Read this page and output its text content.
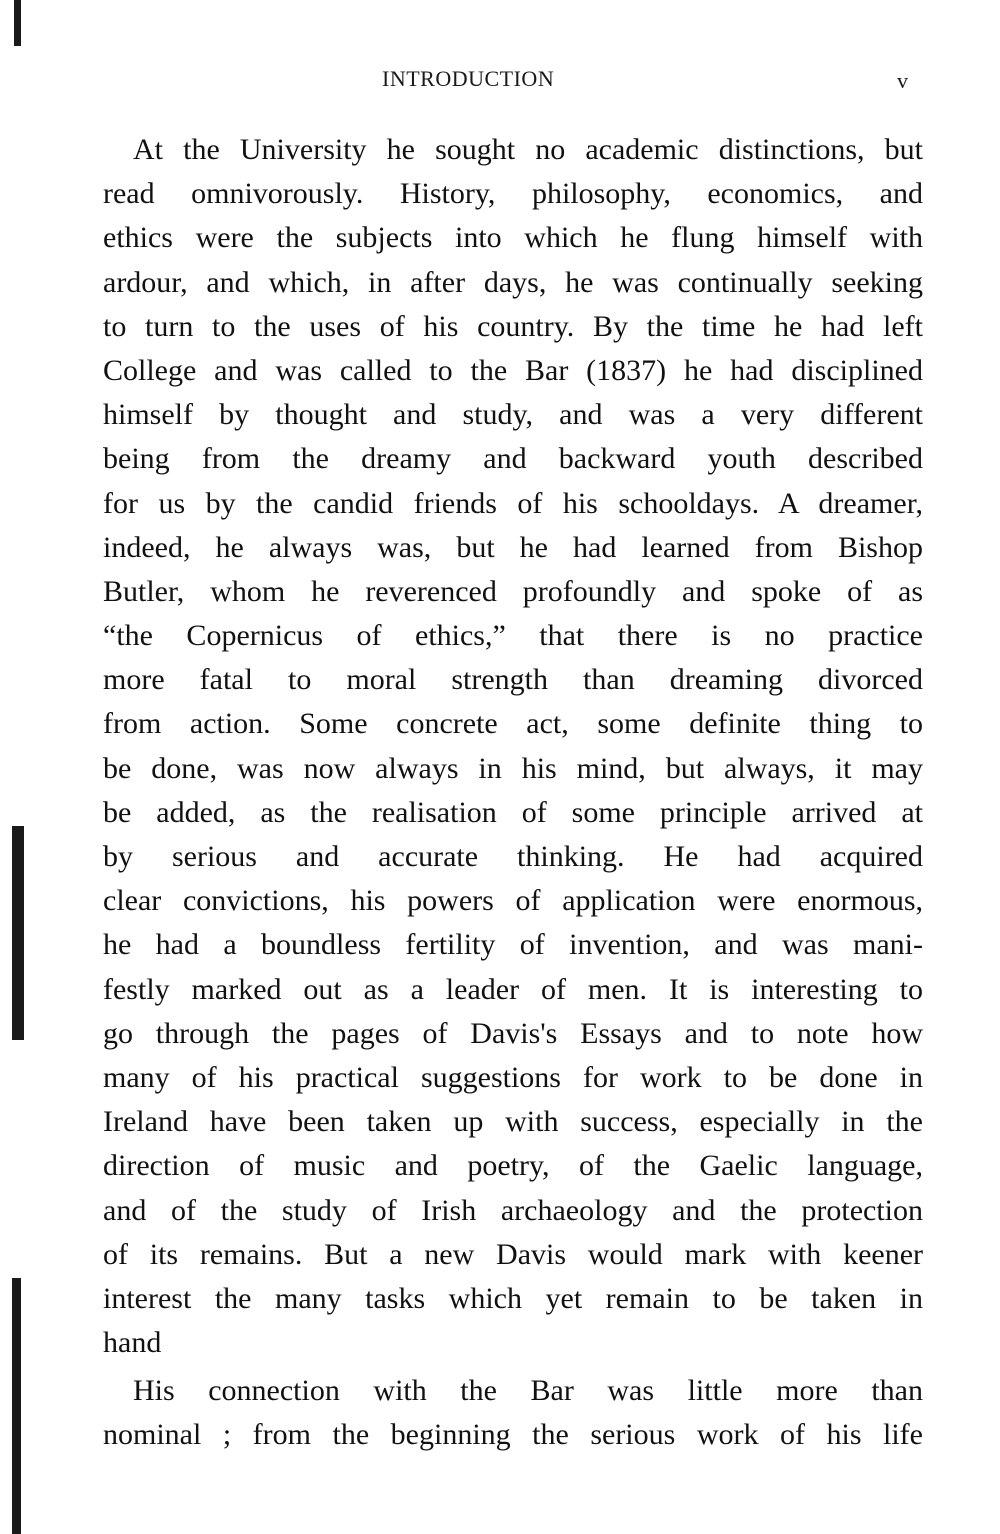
INTRODUCTION	v
At the University he sought no academic distinctions, but
read omnivorously. History, philosophy, economics, and
ethics were the subjects into which he flung himself with
ardour, and which, in after days, he was continually seeking
to turn to the uses of his country. By the time he had left
College and was called to the Bar (1837) he had disciplined
himself by thought and study, and was a very different
being from the dreamy and backward youth described
for us by the candid friends of his schooldays. A dreamer,
indeed, he always was, but he had learned from Bishop
Butler, whom he reverenced profoundly and spoke of as
“the Copernicus of ethics,” that there is no practice
more fatal to moral strength than dreaming divorced
from action. Some concrete act, some definite thing to
be done, was now always in his mind, but always, it may
be added, as the realisation of some principle arrived at
by serious and accurate thinking. He had acquired
clear convictions, his powers of application were enormous,
he had a boundless fertility of invention, and was mani-
festly marked out as a leader of men. It is interesting to
go through the pages of Davis's Essays and to note how
many of his practical suggestions for work to be done in
Ireland have been taken up with success, especially in the
direction of music and poetry, of the Gaelic language,
and of the study of Irish archaeology and the protection
of its remains. But a new Davis would mark with keener
interest the many tasks which yet remain to be taken in
hand
His connection with the Bar was little more than
nominal ; from the beginning the serious work of his life
